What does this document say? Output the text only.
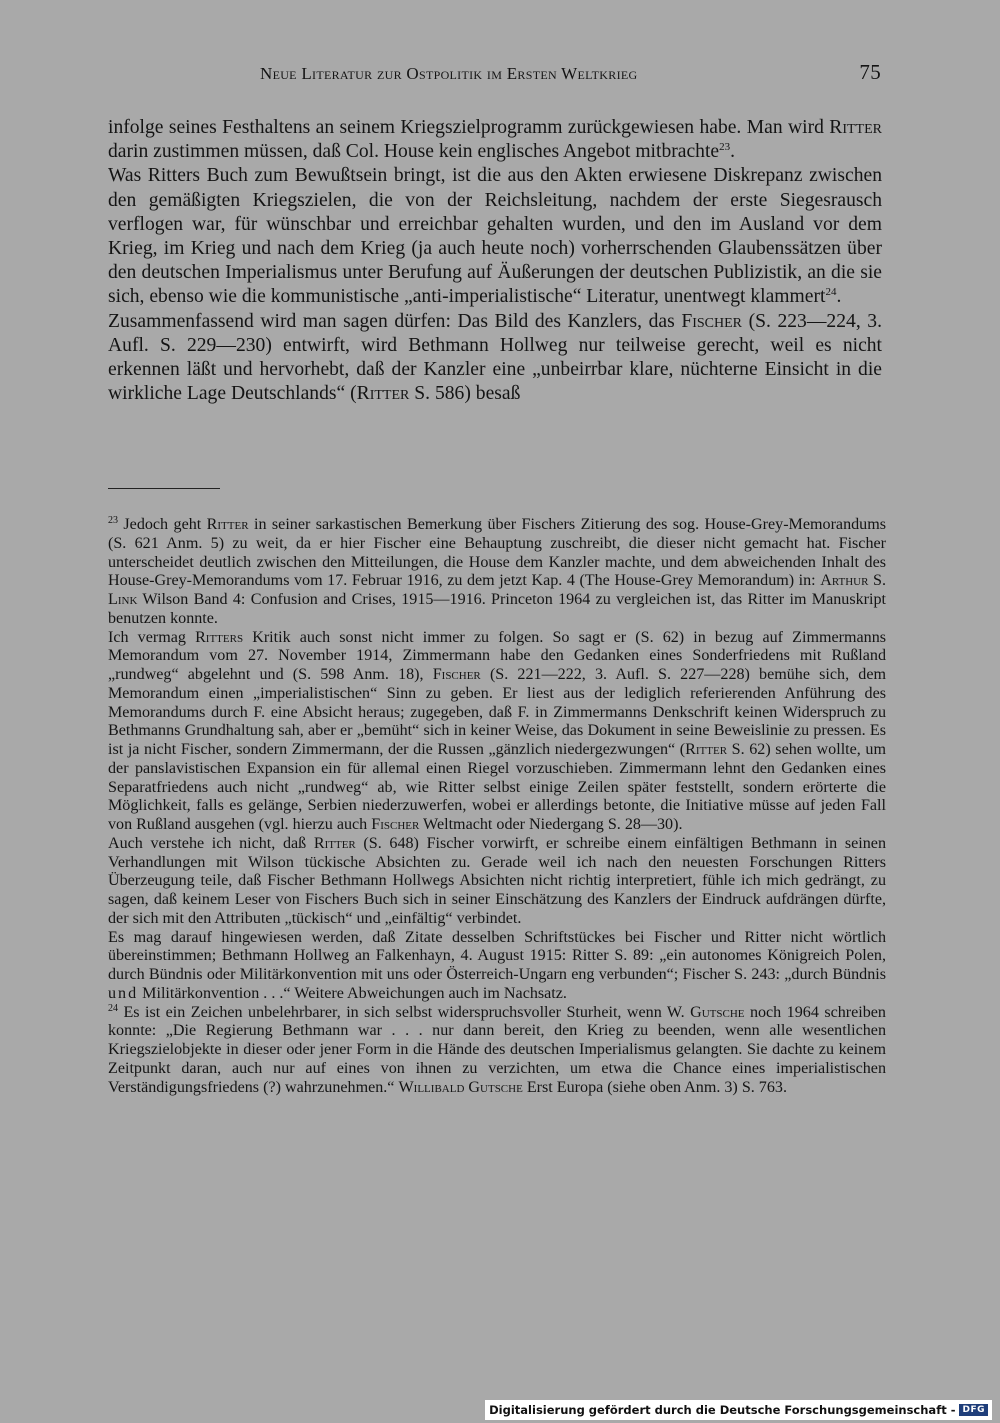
Neue Literatur zur Ostpolitik im Ersten Weltkrieg	75

infolge seines Festhaltens an seinem Kriegszielprogramm zurückgewiesen habe. Man wird Ritter darin zustimmen müssen, daß Col. House kein englisches Angebot mitbrachte$^{23}$.

Was Ritters Buch zum Bewußtsein bringt, ist die aus den Akten erwiesene Diskrepanz zwischen den gemäßigten Kriegszielen, die von der Reichsleitung, nachdem der erste Siegesrausch verflogen war, für wünschbar und erreichbar gehalten wurden, und den im Ausland vor dem Krieg, im Krieg und nach dem Krieg (ja auch heute noch) vorherrschenden Glaubenssätzen über den deutschen Imperialismus unter Berufung auf Äußerungen der deutschen Publizistik, an die sie sich, ebenso wie die kommunistische „anti-imperialistische“ Literatur, unentwegt klammert$^{24}$.

Zusammenfassend wird man sagen dürfen: Das Bild des Kanzlers, das Fischer (S. 223—224, 3. Aufl. S. 229—230) entwirft, wird Bethmann Hollweg nur teilweise gerecht, weil es nicht erkennen läßt und hervorhebt, daß der Kanzler eine „unbeirrbar klare, nüchterne Einsicht in die wirkliche Lage Deutschlands“ (Ritter S. 586) besaß

$^{23}$ Jedoch geht Ritter in seiner sarkastischen Bemerkung über Fischers Zitierung des sog. House-Grey-Memorandums (S. 621 Anm. 5) zu weit, da er hier Fischer eine Behauptung zuschreibt, die dieser nicht gemacht hat. Fischer unterscheidet deutlich zwischen den Mitteilungen, die House dem Kanzler machte, und dem abweichenden Inhalt des House-Grey-Memorandums vom 17. Februar 1916, zu dem jetzt Kap. 4 (The House-Grey Memorandum) in: Arthur S. Link Wilson Band 4: Confusion and Crises, 1915—1916. Princeton 1964 zu vergleichen ist, das Ritter im Manuskript benutzen konnte.

Ich vermag Ritters Kritik auch sonst nicht immer zu folgen. So sagt er (S. 62) in bezug auf Zimmermanns Memorandum vom 27. November 1914, Zimmermann habe den Gedanken eines Sonderfriedens mit Rußland „rundweg“ abgelehnt und (S. 598 Anm. 18), Fischer (S. 221—222, 3. Aufl. S. 227—228) bemühe sich, dem Memorandum einen „imperialistischen“ Sinn zu geben. Er liest aus der lediglich referierenden Anführung des Memorandums durch F. eine Absicht heraus; zugegeben, daß F. in Zimmermanns Denkschrift keinen Widerspruch zu Bethmanns Grundhaltung sah, aber er „bemüht“ sich in keiner Weise, das Dokument in seine Beweislinie zu pressen. Es ist ja nicht Fischer, sondern Zimmermann, der die Russen „gänzlich niedergezwungen“ (Ritter S. 62) sehen wollte, um der panslavistischen Expansion ein für allemal einen Riegel vorzuschieben. Zimmermann lehnt den Gedanken eines Separatfriedens auch nicht „rundweg“ ab, wie Ritter selbst einige Zeilen später feststellt, sondern erörterte die Möglichkeit, falls es gelänge, Serbien niederzuwerfen, wobei er allerdings betonte, die Initiative müsse auf jeden Fall von Rußland ausgehen (vgl. hierzu auch Fischer Weltmacht oder Niedergang S. 28—30).

Auch verstehe ich nicht, daß Ritter (S. 648) Fischer vorwirft, er schreibe einem einfältigen Bethmann in seinen Verhandlungen mit Wilson tückische Absichten zu. Gerade weil ich nach den neuesten Forschungen Ritters Überzeugung teile, daß Fischer Bethmann Hollwegs Absichten nicht richtig interpretiert, fühle ich mich gedrängt, zu sagen, daß keinem Leser von Fischers Buch sich in seiner Einschätzung des Kanzlers der Eindruck aufdrängen dürfte, der sich mit den Attributen „tückisch“ und „einfältig“ verbindet.

Es mag darauf hingewiesen werden, daß Zitate desselben Schriftstückes bei Fischer und Ritter nicht wörtlich übereinstimmen; Bethmann Hollweg an Falkenhayn, 4. August 1915: Ritter S. 89: „ein autonomes Königreich Polen, durch Bündnis oder Militärkonvention mit uns oder Österreich-Ungarn eng verbunden“; Fischer S. 243: „durch Bündnis und Militärkonvention . . .“ Weitere Abweichungen auch im Nachsatz.

$^{24}$ Es ist ein Zeichen unbelehrbarer, in sich selbst widerspruchsvoller Sturheit, wenn W. Gutsche noch 1964 schreiben konnte: „Die Regierung Bethmann war . . . nur dann bereit, den Krieg zu beenden, wenn alle wesentlichen Kriegszielobjekte in dieser oder jener Form in die Hände des deutschen Imperialismus gelangten. Sie dachte zu keinem Zeitpunkt daran, auch nur auf eines von ihnen zu verzichten, um etwa die Chance eines imperialistischen Verständigungsfriedens (?) wahrzunehmen.“ Willibald Gutsche Erst Europa (siehe oben Anm. 3) S. 763.

Digitalisierung gefördert durch die Deutsche Forschungsgemeinschaft - DFG
